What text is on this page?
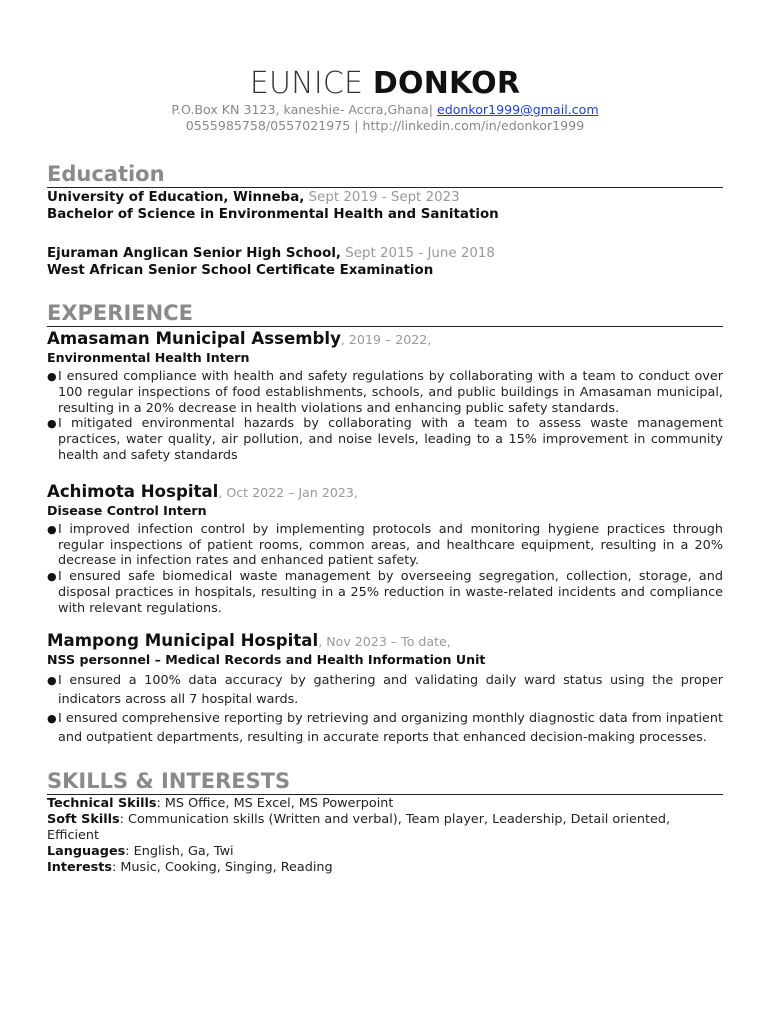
EUNICE DONKOR
P.O.Box KN 3123, kaneshie- Accra,Ghana| edonkor1999@gmail.com
0555985758/0557021975 | http://linkedin.com/in/edonkor1999
Education
University of Education, Winneba, Sept 2019 - Sept 2023
Bachelor of Science in Environmental Health and Sanitation
Ejuraman Anglican Senior High School, Sept 2015 - June 2018
West African Senior School Certificate Examination
EXPERIENCE
Amasaman Municipal Assembly, 2019 – 2022,
Environmental Health Intern
● I ensured compliance with health and safety regulations by collaborating with a team to conduct over 100 regular inspections of food establishments, schools, and public buildings in Amasaman municipal, resulting in a 20% decrease in health violations and enhancing public safety standards.
● I mitigated environmental hazards by collaborating with a team to assess waste management practices, water quality, air pollution, and noise levels, leading to a 15% improvement in community health and safety standards
Achimota Hospital, Oct 2022 – Jan 2023,
Disease Control Intern
● I improved infection control by implementing protocols and monitoring hygiene practices through regular inspections of patient rooms, common areas, and healthcare equipment, resulting in a 20% decrease in infection rates and enhanced patient safety.
● I ensured safe biomedical waste management by overseeing segregation, collection, storage, and disposal practices in hospitals, resulting in a 25% reduction in waste-related incidents and compliance with relevant regulations.
Mampong Municipal Hospital, Nov 2023 – To date,
NSS personnel – Medical Records and Health Information Unit
● I ensured a 100% data accuracy by gathering and validating daily ward status using the proper indicators across all 7 hospital wards.
● I ensured comprehensive reporting by retrieving and organizing monthly diagnostic data from inpatient and outpatient departments, resulting in accurate reports that enhanced decision-making processes.
SKILLS & INTERESTS
Technical Skills: MS Office, MS Excel, MS Powerpoint
Soft Skills: Communication skills (Written and verbal), Team player, Leadership, Detail oriented, Efficient
Languages: English, Ga, Twi
Interests: Music, Cooking, Singing, Reading
